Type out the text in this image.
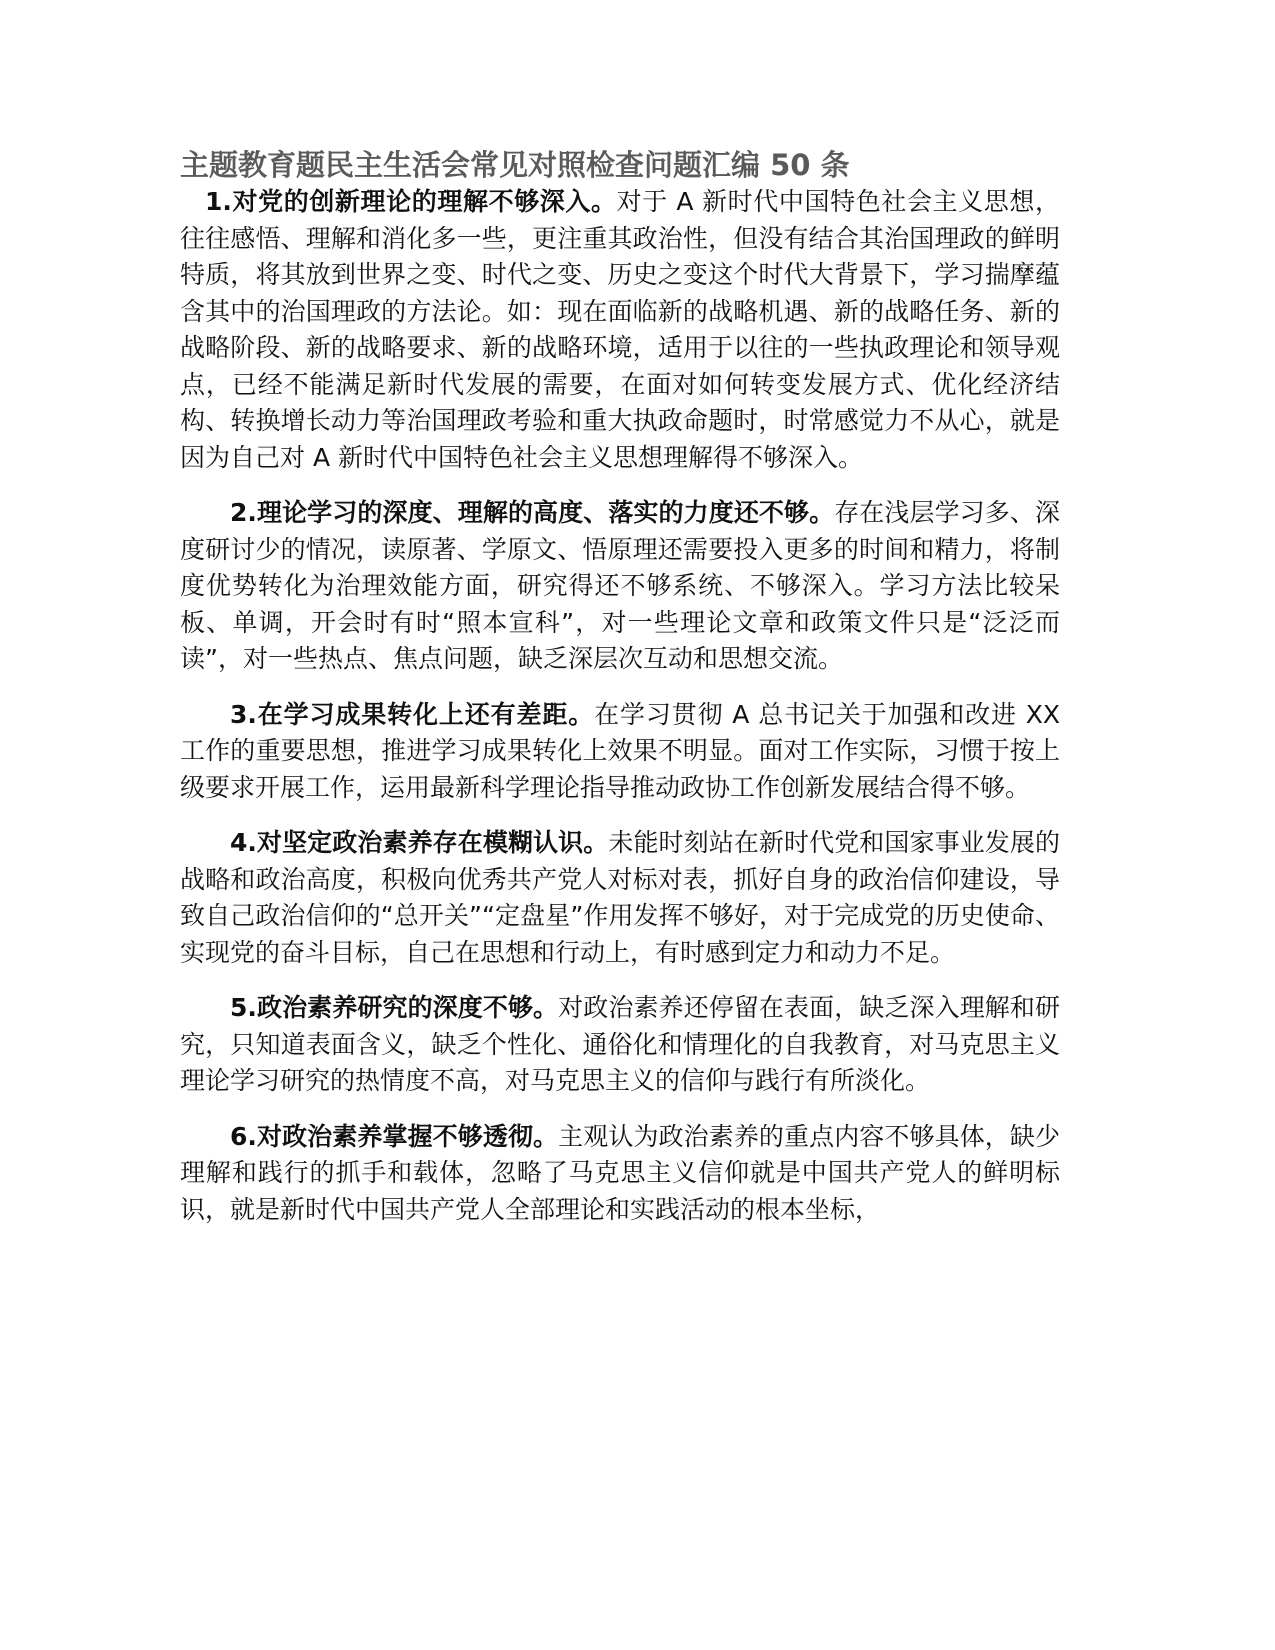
主题教育题民主生活会常见对照检查问题汇编 50 条

1.对党的创新理论的理解不够深入。对于 A 新时代中国特色社会主义思想，往往感悟、理解和消化多一些，更注重其政治性，但没有结合其治国理政的鲜明特质，将其放到世界之变、时代之变、历史之变这个时代大背景下，学习揣摩蕴含其中的治国理政的方法论。如：现在面临新的战略机遇、新的战略任务、新的战略阶段、新的战略要求、新的战略环境，适用于以往的一些执政理论和领导观点，已经不能满足新时代发展的需要，在面对如何转变发展方式、优化经济结构、转换增长动力等治国理政考验和重大执政命题时，时常感觉力不从心，就是因为自己对 A 新时代中国特色社会主义思想理解得不够深入。

2.理论学习的深度、理解的高度、落实的力度还不够。存在浅层学习多、深度研讨少的情况，读原著、学原文、悟原理还需要投入更多的时间和精力，将制度优势转化为治理效能方面，研究得还不够系统、不够深入。学习方法比较呆板、单调，开会时有时“照本宣科”，对一些理论文章和政策文件只是“泛泛而读”，对一些热点、焦点问题，缺乏深层次互动和思想交流。

3.在学习成果转化上还有差距。在学习贯彻 A 总书记关于加强和改进 XX 工作的重要思想，推进学习成果转化上效果不明显。面对工作实际，习惯于按上级要求开展工作，运用最新科学理论指导推动政协工作创新发展结合得不够。

4.对坚定政治素养存在模糊认识。未能时刻站在新时代党和国家事业发展的战略和政治高度，积极向优秀共产党人对标对表，抓好自身的政治信仰建设，导致自己政治信仰的“总开关”“定盘星”作用发挥不够好，对于完成党的历史使命、实现党的奋斗目标，自己在思想和行动上，有时感到定力和动力不足。

5.政治素养研究的深度不够。对政治素养还停留在表面，缺乏深入理解和研究，只知道表面含义，缺乏个性化、通俗化和情理化的自我教育，对马克思主义理论学习研究的热情度不高，对马克思主义的信仰与践行有所淡化。

6.对政治素养掌握不够透彻。主观认为政治素养的重点内容不够具体，缺少理解和践行的抓手和载体，忽略了马克思主义信仰就是中国共产党人的鲜明标识，就是新时代中国共产党人全部理论和实践活动的根本坐标，
